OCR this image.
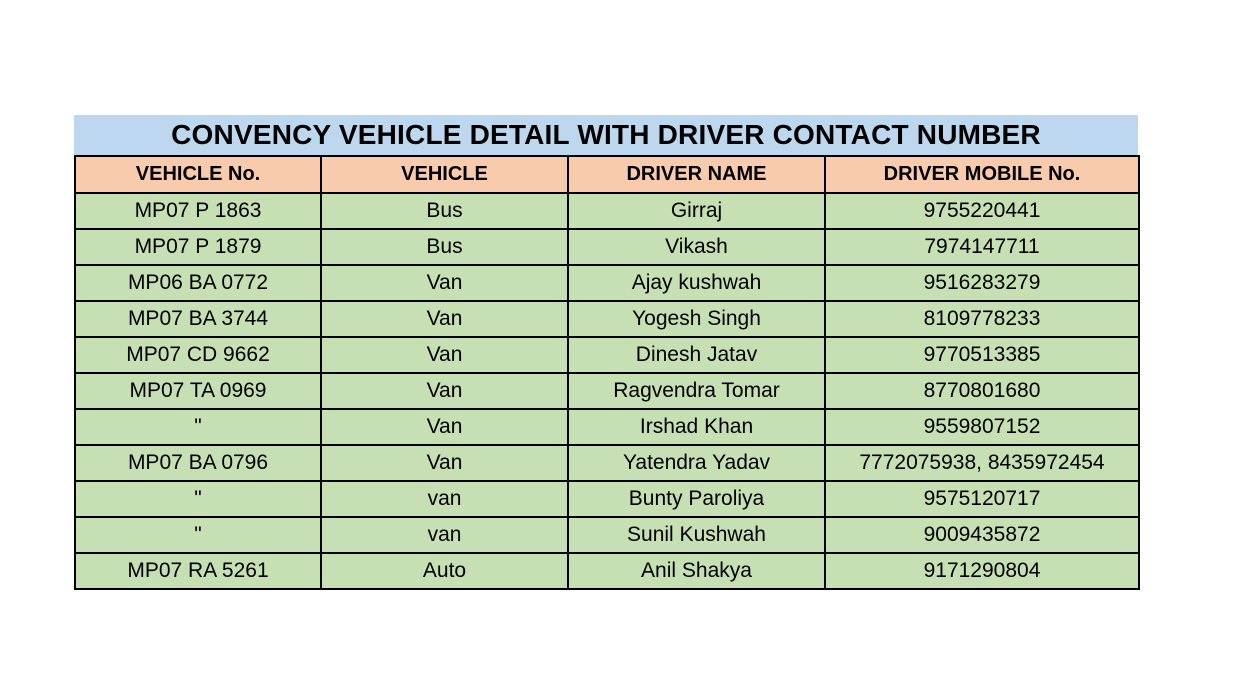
CONVENCY VEHICLE DETAIL WITH DRIVER CONTACT NUMBER
VEHICLE No.	VEHICLE	DRIVER NAME	DRIVER MOBILE No.
MP07 P 1863	Bus	Girraj	9755220441
MP07 P 1879	Bus	Vikash	7974147711
MP06 BA 0772	Van	Ajay kushwah	9516283279
MP07 BA 3744	Van	Yogesh Singh	8109778233
MP07 CD 9662	Van	Dinesh Jatav	9770513385
MP07 TA 0969	Van	Ragvendra Tomar	8770801680
"	Van	Irshad Khan	9559807152
MP07 BA 0796	Van	Yatendra Yadav	7772075938, 8435972454
"	van	Bunty Paroliya	9575120717
"	van	Sunil Kushwah	9009435872
MP07 RA 5261	Auto	Anil Shakya	9171290804
